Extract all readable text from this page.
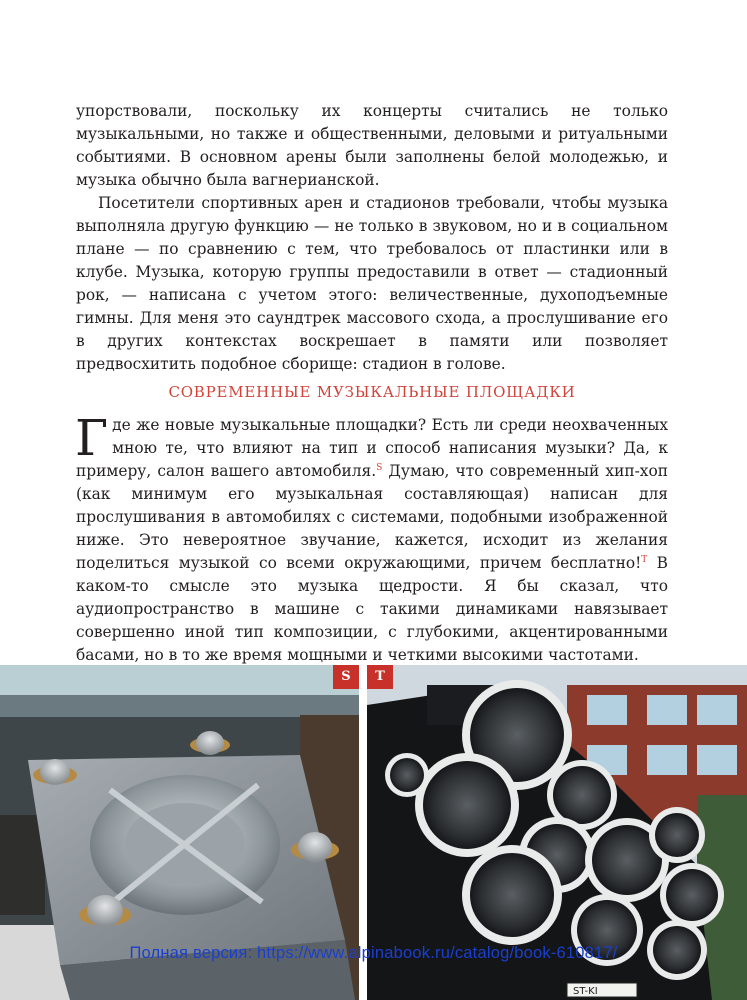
упорствовали, поскольку их концерты считались не только музыкальными, но также и общественными, деловыми и ритуальными событиями. В основном арены были заполнены белой молодежью, и музыка обычно была вагнерианской.

Посетители спортивных арен и стадионов требовали, чтобы музыка выполняла другую функцию — не только в звуковом, но и в социальном плане — по сравнению с тем, что требовалось от пластинки или в клубе. Музыка, которую группы предоставили в ответ — стадионный рок, — написана с учетом этого: величественные, духоподъемные гимны. Для меня это саундтрек массового схода, а прослушивание его в других контекстах воскрешает в памяти или позволяет предвосхитить подобное сборище: стадион в голове.

СОВРЕМЕННЫЕ МУЗЫКАЛЬНЫЕ ПЛОЩАДКИ

Где же новые музыкальные площадки? Есть ли среди неохваченных мною те, что влияют на тип и способ написания музыки? Да, к примеру, салон вашего автомобиля.$^S$ Думаю, что современный хип-хоп (как минимум его музыкальная составляющая) написан для прослушивания в автомобилях с системами, подобными изображенной ниже. Это невероятное звучание, кажется, исходит из желания поделиться музыкой со всеми окружающими, причем бесплатно!$^T$ В каком-то смысле это музыка щедрости. Я бы сказал, что аудиопространство в машине с такими динамиками навязывает совершенно иной тип композиции, с глубокими, акцентированными басами, но в то же время мощными и четкими высокими частотами.

S
ST-KI
T
Полная версия: https://www.alpinabook.ru/catalog/book-610817/
